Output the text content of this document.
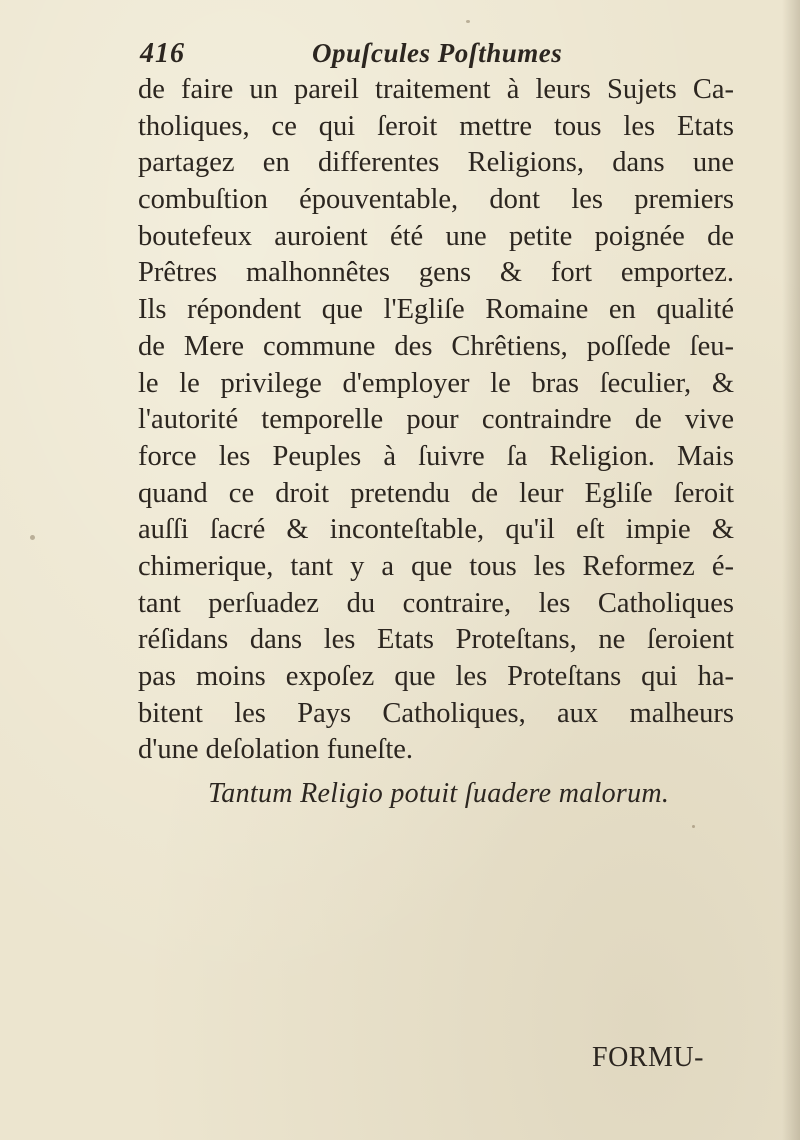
416	Opuſcules Poſthumes
de faire un pareil traitement à leurs Sujets Ca-
tholiques, ce qui ſeroit mettre tous les Etats
partagez en differentes Religions, dans une
combuſtion épouventable, dont les premiers
boutefeux auroient été une petite poignée de
Prêtres malhonnêtes gens & fort emportez.
Ils répondent que l'Egliſe Romaine en qualité
de Mere commune des Chrêtiens, poſſede ſeu-
le le privilege d'employer le bras ſeculier, &
l'autorité temporelle pour contraindre de vive
force les Peuples à ſuivre ſa Religion. Mais
quand ce droit pretendu de leur Egliſe ſeroit
auſſi ſacré & inconteſtable, qu'il eſt impie &
chimerique, tant y a que tous les Reformez é-
tant perſuadez du contraire, les Catholiques
réſidans dans les Etats Proteſtans, ne ſeroient
pas moins expoſez que les Proteſtans qui ha-
bitent les Pays Catholiques, aux malheurs
d'une deſolation funeſte.
Tantum Religio potuit ſuadere malorum.
FORMU-
